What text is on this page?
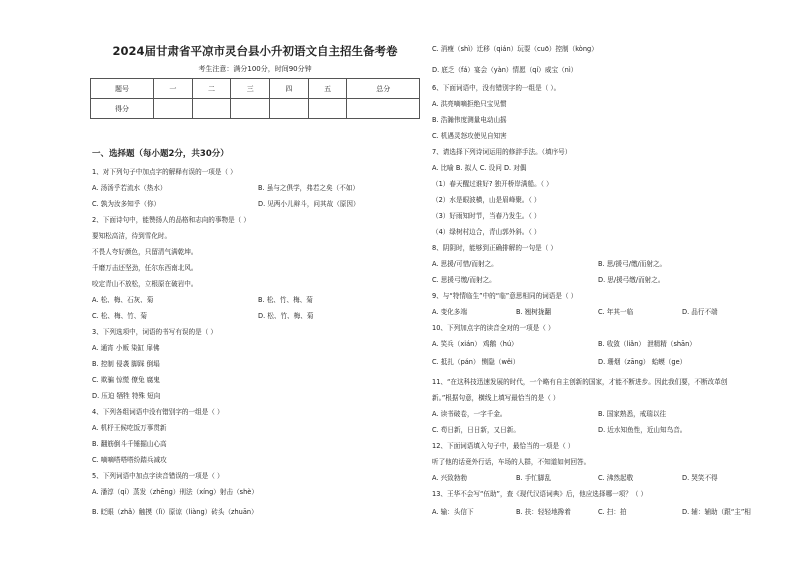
2024届甘肃省平凉市灵台县小升初语文自主招生备考卷
考生注意：满分100分，时间90分钟
题号	一	二	三	四	五	总分
得分						
一、选择题（每小题2分，共30分）
1、对下列句子中加点字的解释有误的一项是（ ）
A. 汤汤乎若流水（热水）	B. 虽与之俱学，弗若之矣（不如）
C. 孰为汝多知乎（你）	D. 见两小儿辩斗，问其故（原因）
2、下面诗句中，能赞扬人的品格和志向的事物是（ ）
要知松高洁，待到雪化时。
不畏人夸好颜色，只留清气满乾坤。
千磨万击还坚劲，任尔东西南北风。
咬定青山不放松，立根原在破岩中。
A. 松、梅、石灰、菊	B. 松、竹、梅、菊
C. 松、梅、竹、菊	D. 松、竹、梅、菊
3、下列选项中，词语的书写有误的是（ ）
A. 通宵 小贩 染缸 扉佛
B. 控制 侵袭 脚踩 倒塌
C. 欺骗 惊慌 僚兔 腐鬼
D. 压迫 牺牲 特殊 短向
4、下列各组词语中没有错别字的一组是（ ）
A. 机杼王候吃饭万事贯新
B. 翻筋倒斗千锤掘山心高
C. 嘀嘀嗒嗒嗒纷踏兵减攻
5、下列词语中加点字读音错误的一项是（ ）
A. 潘淳（qí）蒸发（zhēng）刑法（xíng）射击（shè）
B. 眨眼（zhǎ）触摸（lì）原谅（liàng）砖头（zhuān）
C. 消瘦（shì）迁移（qián）玩耍（cuō）控制（kòng）
D. 底乏（fá）宴会（yàn）情愿（qí）威宝（nì）
6、下面词语中，没有错别字的一组是（ ）。
A. 洪亮嘀嘀拒绝只宝见惯
B. 浩瀚伟度测量电动山摇
C. 机遇灵怒攻使见自知害
7、请选择下列诗词运用的修辞手法。（填序号）
A. 比喻 B. 拟人 C. 设问 D. 对偶
（1）春天醒过谁好? 独开桥岸满船。（ ）
（2）水是眼波横，山是眉峰聚。（ ）
（3）好雨知时节，当春乃发生。（ ）
（4）绿树村边合，青山郭外斜。（ ）
8、阴阴时，能够到正确排解的一句是（ ）
A. 思援/可惜/而射之。	B. 思/援弓/缴/而射之。
C. 思援弓缴/而射之。	D. 思/援弓缴/而射之。
9、与“特情临生”中的“临”意思相同的词语是（ ）
A. 变化多端	B. 翘树拢翻	C. 年其一临	D. 品行不端
10、下列加点字的读音全对的一项是（ ）
A. 笑兵（xián） 鸡鹅（hú）	B. 收敛（liǎn） 泄精精（shān）
C. 抵扎（pán） 恻隐（wěi）	D. 珊烟（zāng） 蛤蟆（ge）
11、“在这科技迅速发展的时代，一个略有自主创新的国家，才能不断进步。因此我们要，不断改革创
新。”根据句意，横线上填写最恰当的是（ ）
A. 读书破卷，一字千金。	B. 国家熟悉，戒瑞以往
C. 苟日新，日日新，又日新。	D. 近水知鱼性，近山知鸟音。
12、下面词语填入句子中，最恰当的一项是（ ）
听了他的话竟外行话，车场的人群，不知道如何回答。
A. 兴致勃勃	B. 手忙脚乱	C. 沸然起敬	D. 哭笑不得
13、王华不会写“伍助”，查《现代汉语词典》后，他应选择哪一项？（ ）
A. 输：头信下	B. 扶：轻轻地搀着	C. 扫：拍	D. 辅：辅助（跟“主”相
